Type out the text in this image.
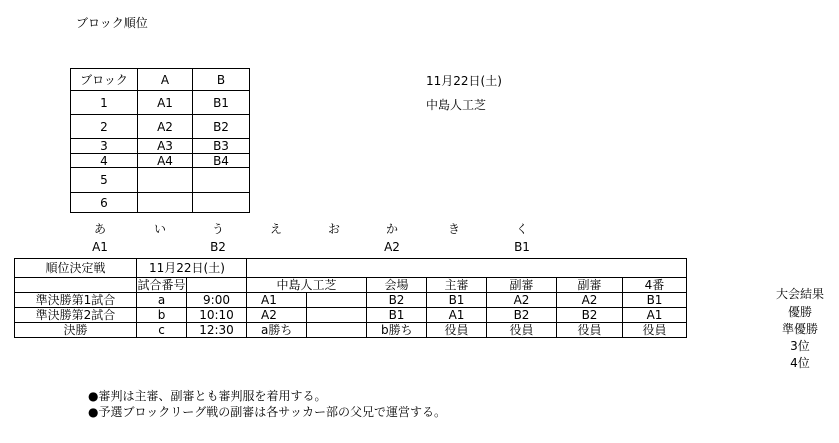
ブロック順位
ブロック	A	B
1	A1	B1
2	A2	B2
3	A3	B3
4	A4	B4
5		
6		
11月22日(土)
中島人工芝
あ	い	う	え	お	か	き	く
A1	B2	A2	B1
順位決定戦	11月22日(土)								
	試合番号		中島人工芝		会場	主審	副審	副審	4番
準決勝第1試合	a	9:00	A1		B2	B1	A2	A2	B1
準決勝第2試合	b	10:10	A2		B1	A1	B2	B2	A1
決勝	c	12:30	a勝ち		b勝ち	役員	役員	役員	役員
大会結果
優勝
準優勝
3位
4位
●審判は主審、副審とも審判服を着用する。
●予選ブロックリーグ戦の副審は各サッカー部の父兄で運営する。
